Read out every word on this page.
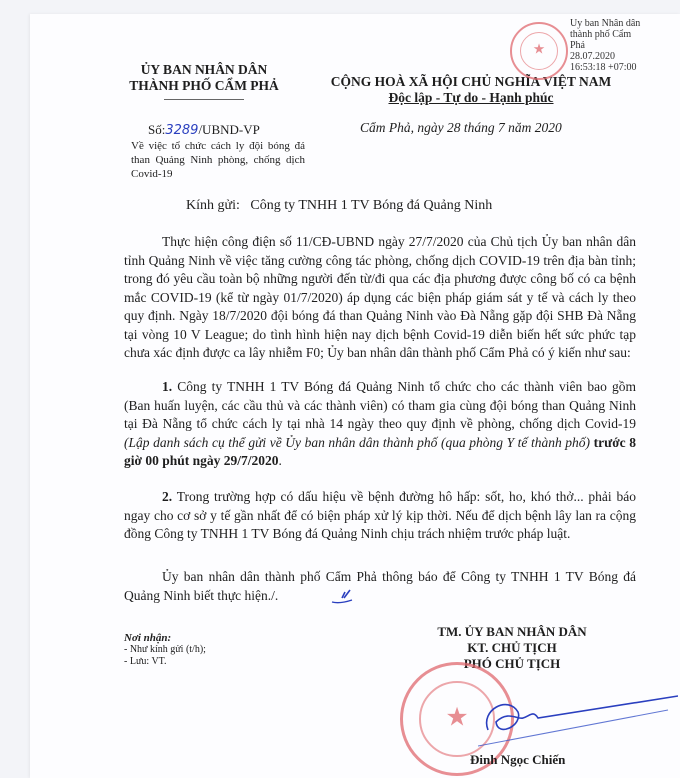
ỦY BAN NHÂN DÂN
THÀNH PHỐ CẨM PHẢ
Số:3289/UBND-VP
Về việc tổ chức cách ly đội bóng đá than Quảng Ninh phòng, chống dịch Covid-19
CỘNG HOÀ XÃ HỘI CHỦ NGHĨA VIỆT NAM
Độc lập - Tự do - Hạnh phúc
Cẩm Phả, ngày 28 tháng 7 năm 2020
★
Uy ban Nhân dân
thành phố Cẩm
Phả
28.07.2020
16:53:18 +07:00
Kính gửi: Công ty TNHH 1 TV Bóng đá Quảng Ninh
Thực hiện công điện số 11/CĐ-UBND ngày 27/7/2020 của Chủ tịch Ủy ban nhân dân tỉnh Quảng Ninh về việc tăng cường công tác phòng, chống dịch COVID-19 trên địa bàn tỉnh; trong đó yêu cầu toàn bộ những người đến từ/đi qua các địa phương được công bố có ca bệnh mắc COVID-19 (kể từ ngày 01/7/2020) áp dụng các biện pháp giám sát y tế và cách ly theo quy định. Ngày 18/7/2020 đội bóng đá than Quảng Ninh vào Đà Nẵng gặp đội SHB Đà Nẵng tại vòng 10 V League; do tình hình hiện nay dịch bệnh Covid-19 diễn biến hết sức phức tạp chưa xác định được ca lây nhiễm F0; Ủy ban nhân dân thành phố Cẩm Phả có ý kiến như sau:
1. Công ty TNHH 1 TV Bóng đá Quảng Ninh tổ chức cho các thành viên bao gồm (Ban huấn luyện, các cầu thủ và các thành viên) có tham gia cùng đội bóng than Quảng Ninh tại Đà Nẵng tổ chức cách ly tại nhà 14 ngày theo quy định về phòng, chống dịch Covid-19 (Lập danh sách cụ thể gửi về Ủy ban nhân dân thành phố (qua phòng Y tế thành phố) trước 8 giờ 00 phút ngày 29/7/2020.
2. Trong trường hợp có dấu hiệu về bệnh đường hô hấp: sốt, ho, khó thở... phải báo ngay cho cơ sở y tế gần nhất để có biện pháp xử lý kịp thời. Nếu để dịch bệnh lây lan ra cộng đồng Công ty TNHH 1 TV Bóng đá Quảng Ninh chịu trách nhiệm trước pháp luật.
Ủy ban nhân dân thành phố Cẩm Phả thông báo để Công ty TNHH 1 TV Bóng đá Quảng Ninh biết thực hiện./.
Nơi nhận:
- Như kính gửi (t/h);
- Lưu: VT.
TM. ỦY BAN NHÂN DÂN
KT. CHỦ TỊCH
PHÓ CHỦ TỊCH
★
Đinh Ngọc Chiến
